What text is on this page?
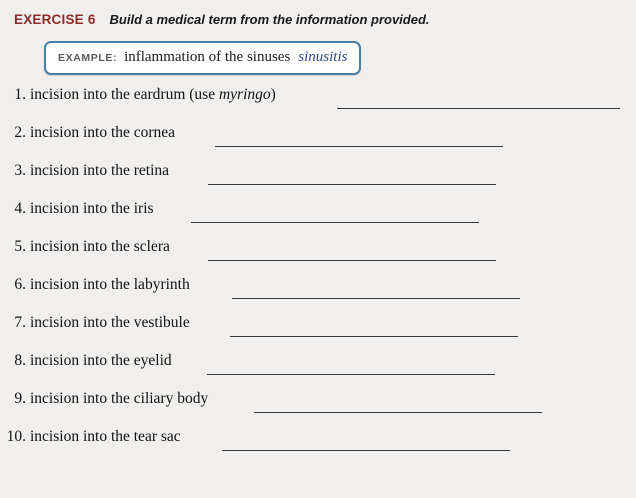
EXERCISE 6 Build a medical term from the information provided.
EXAMPLE: inflammation of the sinuses sinusitis
1. incision into the eardrum (use myringo)
2. incision into the cornea
3. incision into the retina
4. incision into the iris
5. incision into the sclera
6. incision into the labyrinth
7. incision into the vestibule
8. incision into the eyelid
9. incision into the ciliary body
10. incision into the tear sac
